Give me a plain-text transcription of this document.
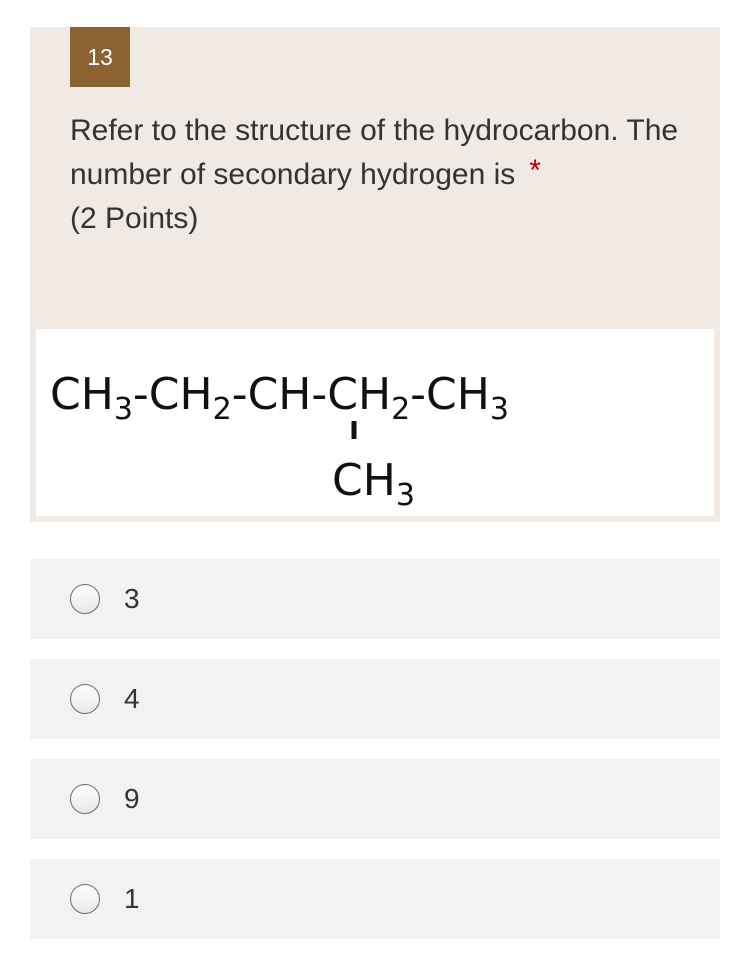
13
Refer to the structure of the hydrocarbon. The number of secondary hydrogen is *
(2 Points)
$CH_3-CH_2-CH-CH_2-CH_3$
$CH_3$
3
4
9
1
